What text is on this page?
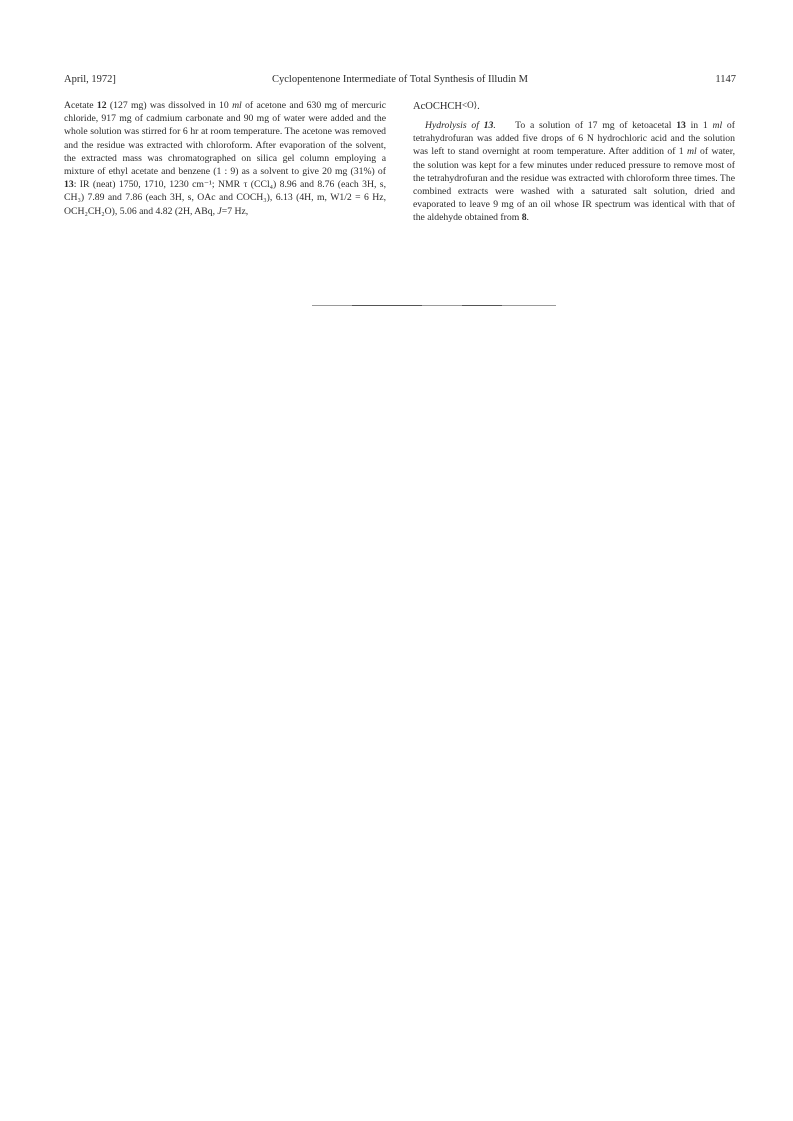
April, 1972]	Cyclopentenone Intermediate of Total Synthesis of Illudin M	1147

Acetate 12 (127 mg) was dissolved in 10 ml of acetone and 630 mg of mercuric chloride, 917 mg of cadmium carbonate and 90 mg of water were added and the whole solution was stirred for 6 hr at room temperature. The acetone was removed and the residue was extracted with chloroform. After evaporation of the solvent, the extracted mass was chromatographed on silica gel column employing a mixture of ethyl acetate and benzene (1 : 9) as a solvent to give 20 mg (31%) of 13: IR (neat) 1750, 1710, 1230 cm⁻¹; NMR τ (CCl₄) 8.96 and 8.76 (each 3H, s, CH₃) 7.89 and 7.86 (each 3H, s, OAc and COCH₃), 6.13 (4H, m, W1/2 = 6 Hz, OCH₂CH₂O), 5.06 and 4.82 (2H, ABq, J=7 Hz,

AcOCHCH<O⟩.

Hydrolysis of 13.   To a solution of 17 mg of ketoacetal 13 in 1 ml of tetrahydrofuran was added five drops of 6 N hydrochloric acid and the solution was left to stand overnight at room temperature. After addition of 1 ml of water, the solution was kept for a few minutes under reduced pressure to remove most of the tetrahydrofuran and the residue was extracted with chloroform three times. The combined extracts were washed with a saturated salt solution, dried and evaporated to leave 9 mg of an oil whose IR spectrum was identical with that of the aldehyde obtained from 8.
